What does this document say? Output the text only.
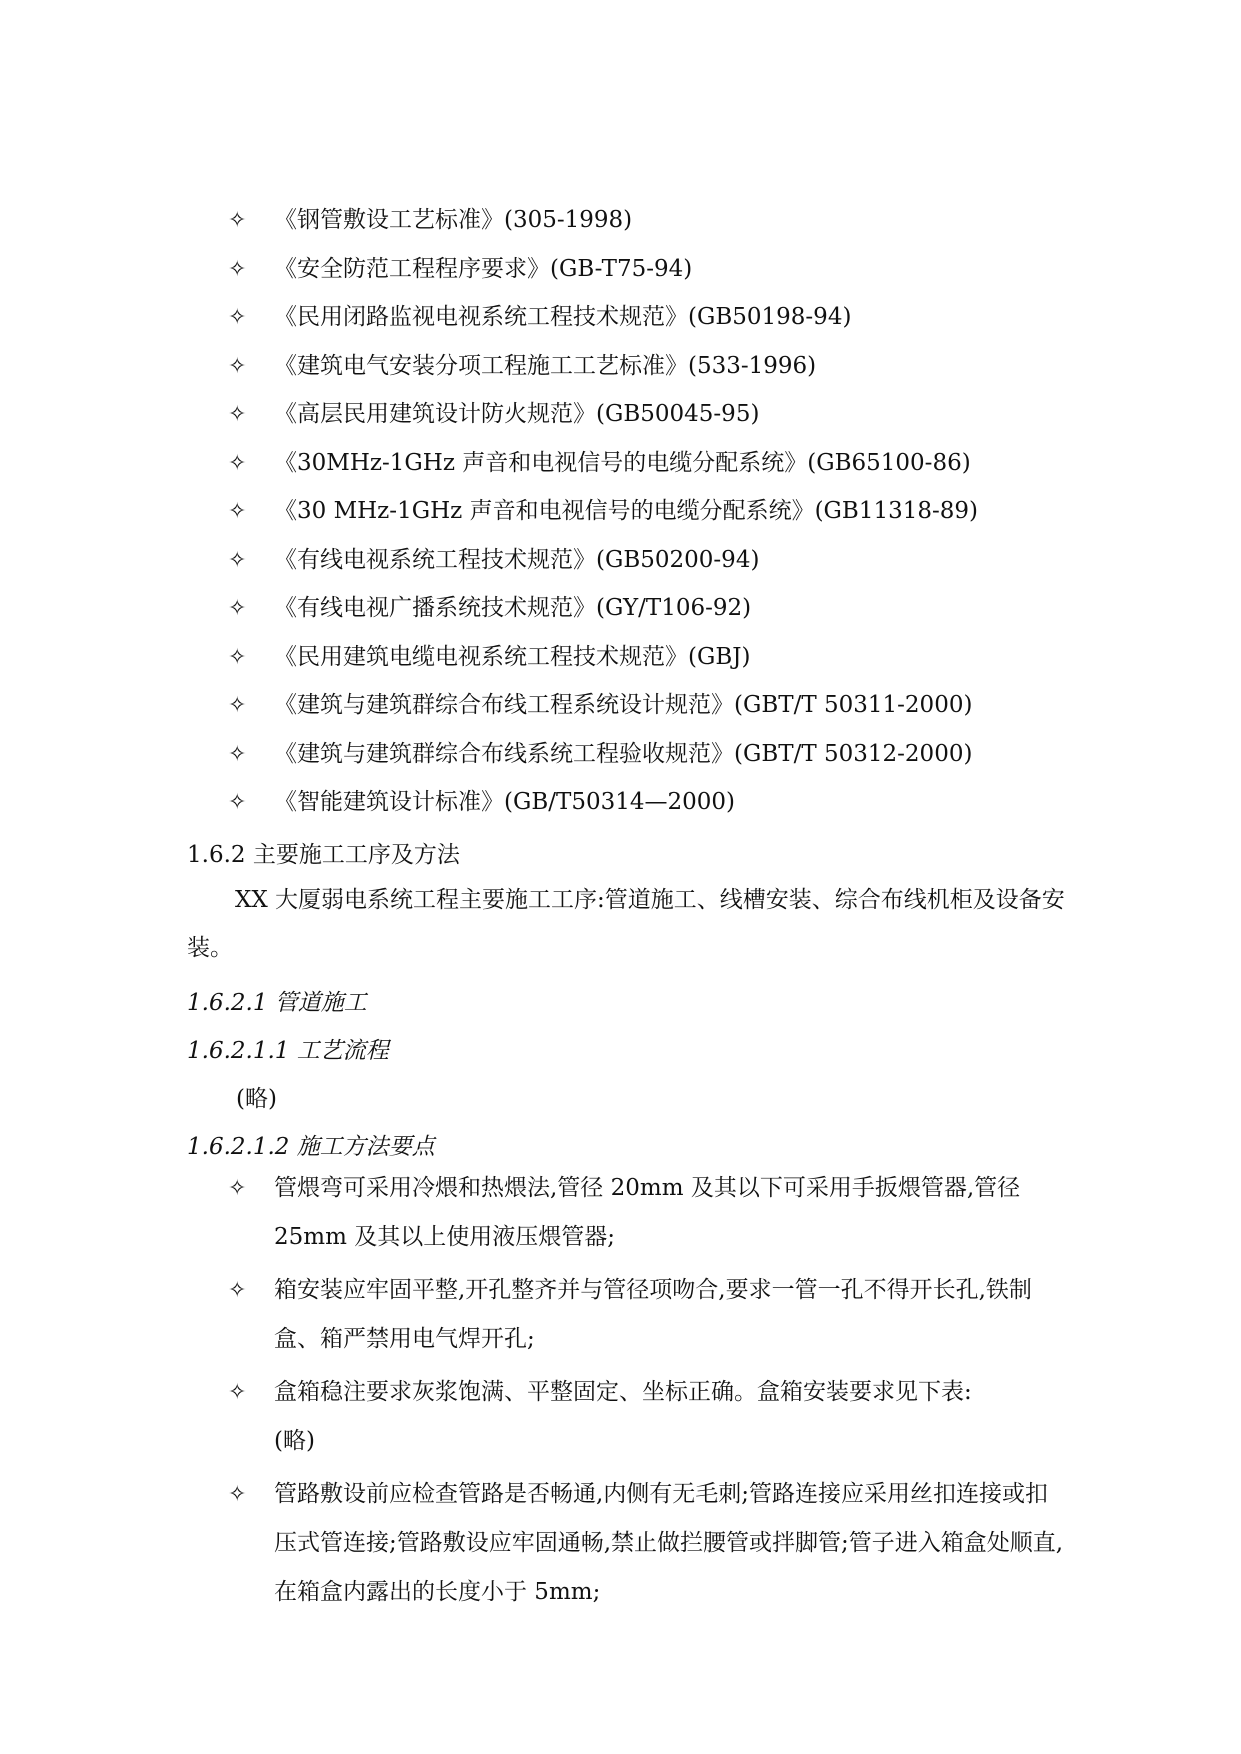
✧ 《钢管敷设工艺标准》(305-1998)
✧ 《安全防范工程程序要求》(GB-T75-94)
✧ 《民用闭路监视电视系统工程技术规范》(GB50198-94)
✧ 《建筑电气安装分项工程施工工艺标准》(533-1996)
✧ 《高层民用建筑设计防火规范》(GB50045-95)
✧ 《30MHz-1GHz 声音和电视信号的电缆分配系统》(GB65100-86)
✧ 《30 MHz-1GHz 声音和电视信号的电缆分配系统》(GB11318-89)
✧ 《有线电视系统工程技术规范》(GB50200-94)
✧ 《有线电视广播系统技术规范》(GY/T106-92)
✧ 《民用建筑电缆电视系统工程技术规范》(GBJ)
✧ 《建筑与建筑群综合布线工程系统设计规范》(GBT/T 50311-2000)
✧ 《建筑与建筑群综合布线系统工程验收规范》(GBT/T 50312-2000)
✧ 《智能建筑设计标准》(GB/T50314—2000)
1.6.2 主要施工工序及方法
XX 大厦弱电系统工程主要施工工序:管道施工、线槽安装、综合布线机柜及设备安装。
1.6.2.1 管道施工
1.6.2.1.1 工艺流程
(略)
1.6.2.1.2 施工方法要点
✧	管煨弯可采用冷煨和热煨法,管径 20mm 及其以下可采用手扳煨管器,管径 25mm 及其以上使用液压煨管器;
✧	箱安装应牢固平整,开孔整齐并与管径项吻合,要求一管一孔不得开长孔,铁制盒、箱严禁用电气焊开孔;
✧	盒箱稳注要求灰浆饱满、平整固定、坐标正确。盒箱安装要求见下表:
(略)
✧	管路敷设前应检查管路是否畅通,内侧有无毛刺;管路连接应采用丝扣连接或扣压式管连接;管路敷设应牢固通畅,禁止做拦腰管或拌脚管;管子进入箱盒处顺直,在箱盒内露出的长度小于 5mm;
